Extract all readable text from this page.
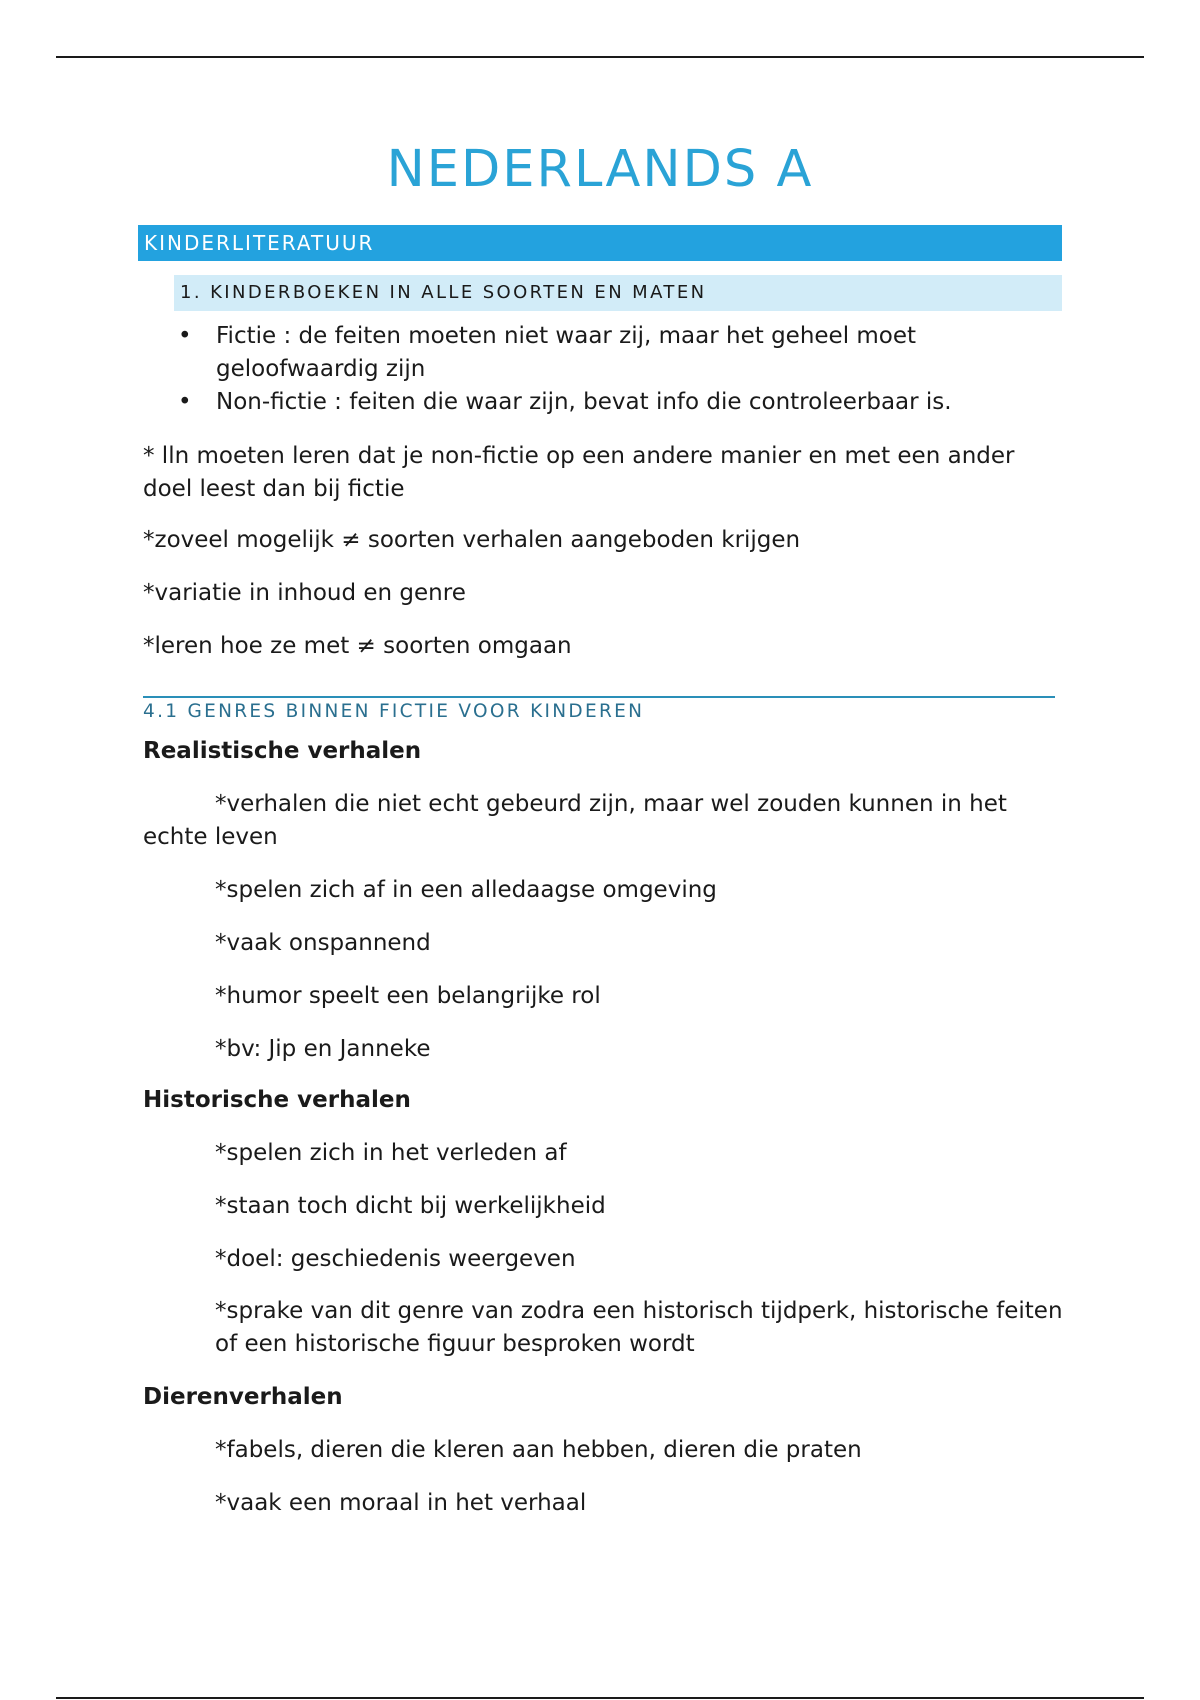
NEDERLANDS A
KINDERLITERATUUR
1. KINDERBOEKEN IN ALLE SOORTEN EN MATEN
• Fictie : de feiten moeten niet waar zij, maar het geheel moet geloofwaardig zijn
• Non-fictie : feiten die waar zijn, bevat info die controleerbaar is.

* lln moeten leren dat je non-fictie op een andere manier en met een ander doel leest dan bij fictie

*zoveel mogelijk ≠ soorten verhalen aangeboden krijgen

*variatie in inhoud en genre

*leren hoe ze met ≠ soorten omgaan

4.1 GENRES BINNEN FICTIE VOOR KINDEREN

Realistische verhalen

*verhalen die niet echt gebeurd zijn, maar wel zouden kunnen in het echte leven

*spelen zich af in een alledaagse omgeving

*vaak onspannend

*humor speelt een belangrijke rol

*bv: Jip en Janneke

Historische verhalen

*spelen zich in het verleden af

*staan toch dicht bij werkelijkheid

*doel: geschiedenis weergeven

*sprake van dit genre van zodra een historisch tijdperk, historische feiten of een historische figuur besproken wordt

Dierenverhalen

*fabels, dieren die kleren aan hebben, dieren die praten

*vaak een moraal in het verhaal
